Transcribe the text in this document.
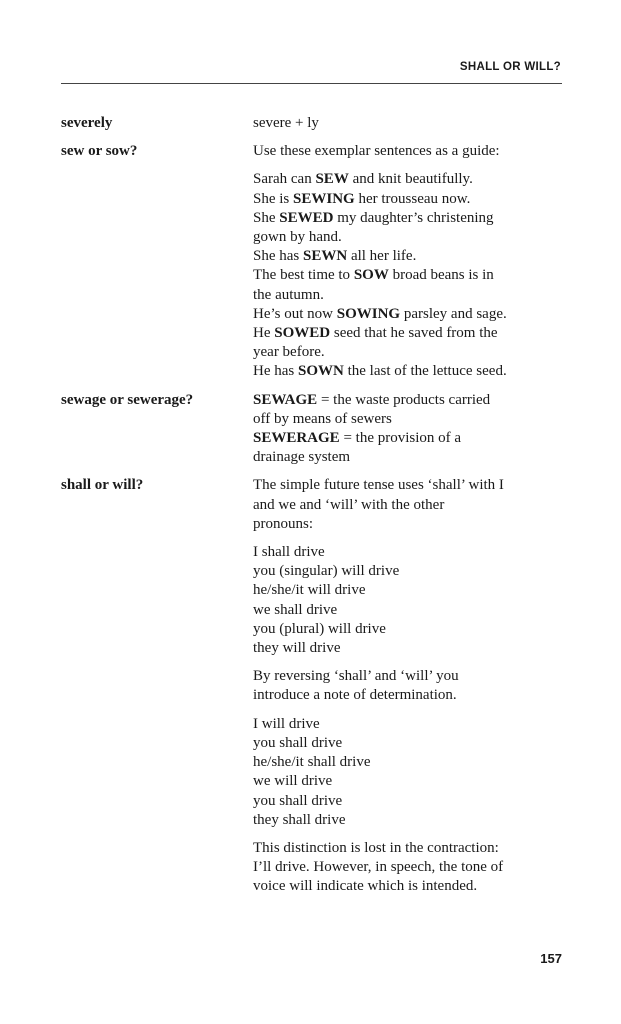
SHALL OR WILL?
severely	severe + ly
sew or sow?	Use these exemplar sentences as a guide:
Sarah can SEW and knit beautifully.
She is SEWING her trousseau now.
She SEWED my daughter’s christening
gown by hand.
She has SEWN all her life.
The best time to SOW broad beans is in
the autumn.
He’s out now SOWING parsley and sage.
He SOWED seed that he saved from the
year before.
He has SOWN the last of the lettuce seed.
sewage or sewerage?	SEWAGE = the waste products carried
off by means of sewers
SEWERAGE = the provision of a
drainage system
shall or will?	The simple future tense uses ‘shall’ with I
and we and ‘will’ with the other
pronouns:
I shall drive
you (singular) will drive
he/she/it will drive
we shall drive
you (plural) will drive
they will drive
By reversing ‘shall’ and ‘will’ you
introduce a note of determination.
I will drive
you shall drive
he/she/it shall drive
we will drive
you shall drive
they shall drive
This distinction is lost in the contraction:
I’ll drive. However, in speech, the tone of
voice will indicate which is intended.
157
